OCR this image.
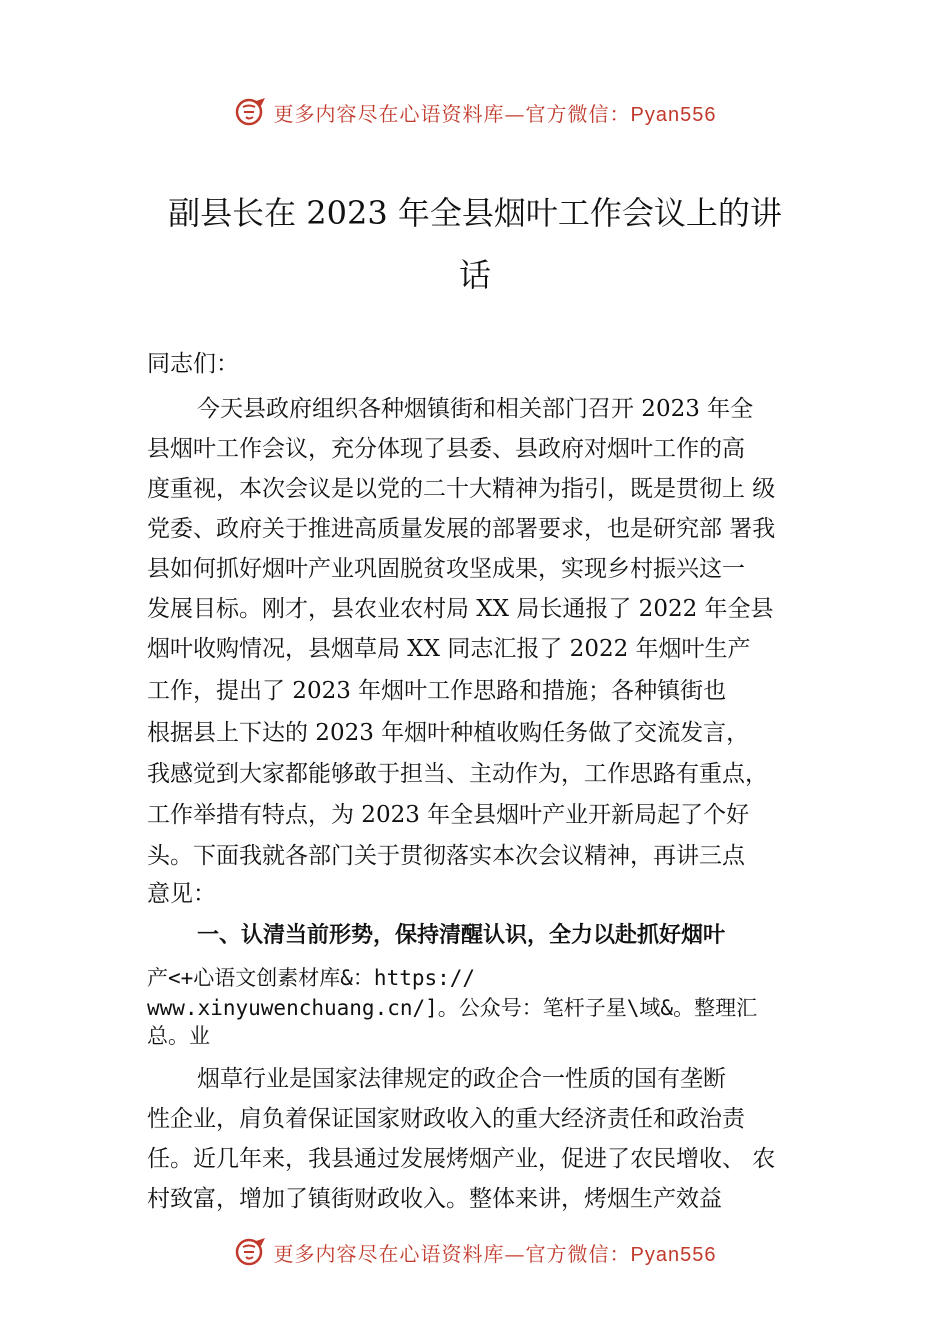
更多内容尽在心语资料库—官方微信：Pyan556
副县长在 2023 年全县烟叶工作会议上的讲
话

同志们：

今天县政府组织各种烟镇街和相关部门召开 2023 年全

县烟叶工作会议，充分体现了县委、县政府对烟叶工作的高

度重视，本次会议是以党的二十大精神为指引，既是贯彻上 级

党委、政府关于推进高质量发展的部署要求，也是研究部 署我

县如何抓好烟叶产业巩固脱贫攻坚成果，实现乡村振兴这一

发展目标。刚才，县农业农村局 XX 局长通报了 2022 年全县

烟叶收购情况，县烟草局 XX 同志汇报了 2022 年烟叶生产

工作，提出了 2023 年烟叶工作思路和措施；各种镇街也

根据县上下达的 2023 年烟叶种植收购任务做了交流发言，

我感觉到大家都能够敢于担当、主动作为，工作思路有重点，

工作举措有特点，为 2023 年全县烟叶产业开新局起了个好

头。下面我就各部门关于贯彻落实本次会议精神，再讲三点

意见：

一、认清当前形势，保持清醒认识，全力以赴抓好烟叶

产<+心语文创素材库&：https://

www.xinyuwenchuang.cn/]。公众号：笔杆子星\域&。整理汇

总。业

烟草行业是国家法律规定的政企合一性质的国有垄断

性企业，肩负着保证国家财政收入的重大经济责任和政治责

任。近几年来，我县通过发展烤烟产业，促进了农民增收、 农

村致富，增加了镇街财政收入。整体来讲，烤烟生产效益

更多内容尽在心语资料库—官方微信：Pyan556
